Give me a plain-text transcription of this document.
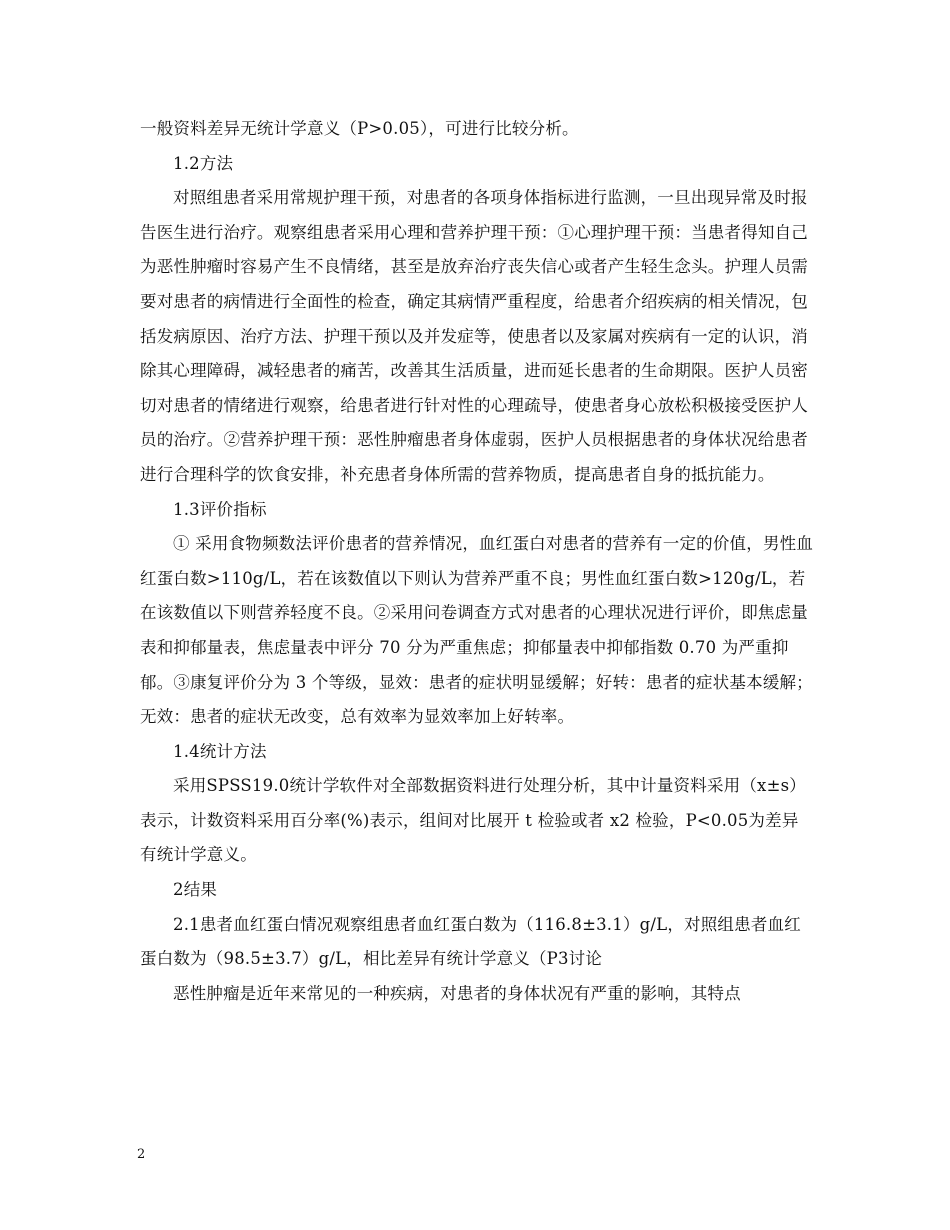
一般资料差异无统计学意义（P>0.05），可进行比较分析。

1.2方法

对照组患者采用常规护理干预，对患者的各项身体指标进行监测，一旦出现异常及时报告医生进行治疗。观察组患者采用心理和营养护理干预：①心理护理干预：当患者得知自己为恶性肿瘤时容易产生不良情绪，甚至是放弃治疗丧失信心或者产生轻生念头。护理人员需要对患者的病情进行全面性的检查，确定其病情严重程度，给患者介绍疾病的相关情况，包括发病原因、治疗方法、护理干预以及并发症等，使患者以及家属对疾病有一定的认识，消除其心理障碍，减轻患者的痛苦，改善其生活质量，进而延长患者的生命期限。医护人员密切对患者的情绪进行观察，给患者进行针对性的心理疏导，使患者身心放松积极接受医护人员的治疗。②营养护理干预：恶性肿瘤患者身体虚弱，医护人员根据患者的身体状况给患者进行合理科学的饮食安排，补充患者身体所需的营养物质，提高患者自身的抵抗能力。

1.3评价指标

① 采用食物频数法评价患者的营养情况，血红蛋白对患者的营养有一定的价值，男性血红蛋白数>110g/L，若在该数值以下则认为营养严重不良；男性血红蛋白数>120g/L，若在该数值以下则营养轻度不良。②采用问卷调查方式对患者的心理状况进行评价，即焦虑量表和抑郁量表，焦虑量表中评分 70 分为严重焦虑；抑郁量表中抑郁指数 0.70 为严重抑郁。③康复评价分为 3 个等级，显效：患者的症状明显缓解；好转：患者的症状基本缓解；无效：患者的症状无改变，总有效率为显效率加上好转率。

1.4统计方法

采用SPSS19.0统计学软件对全部数据资料进行处理分析，其中计量资料采用（x±s）表示，计数资料采用百分率(%)表示，组间对比展开 t 检验或者 x2 检验，P<0.05为差异有统计学意义。

2结果

2.1患者血红蛋白情况观察组患者血红蛋白数为（116.8±3.1）g/L，对照组患者血红蛋白数为（98.5±3.7）g/L，相比差异有统计学意义（P3讨论

恶性肿瘤是近年来常见的一种疾病，对患者的身体状况有严重的影响，其特点

2
